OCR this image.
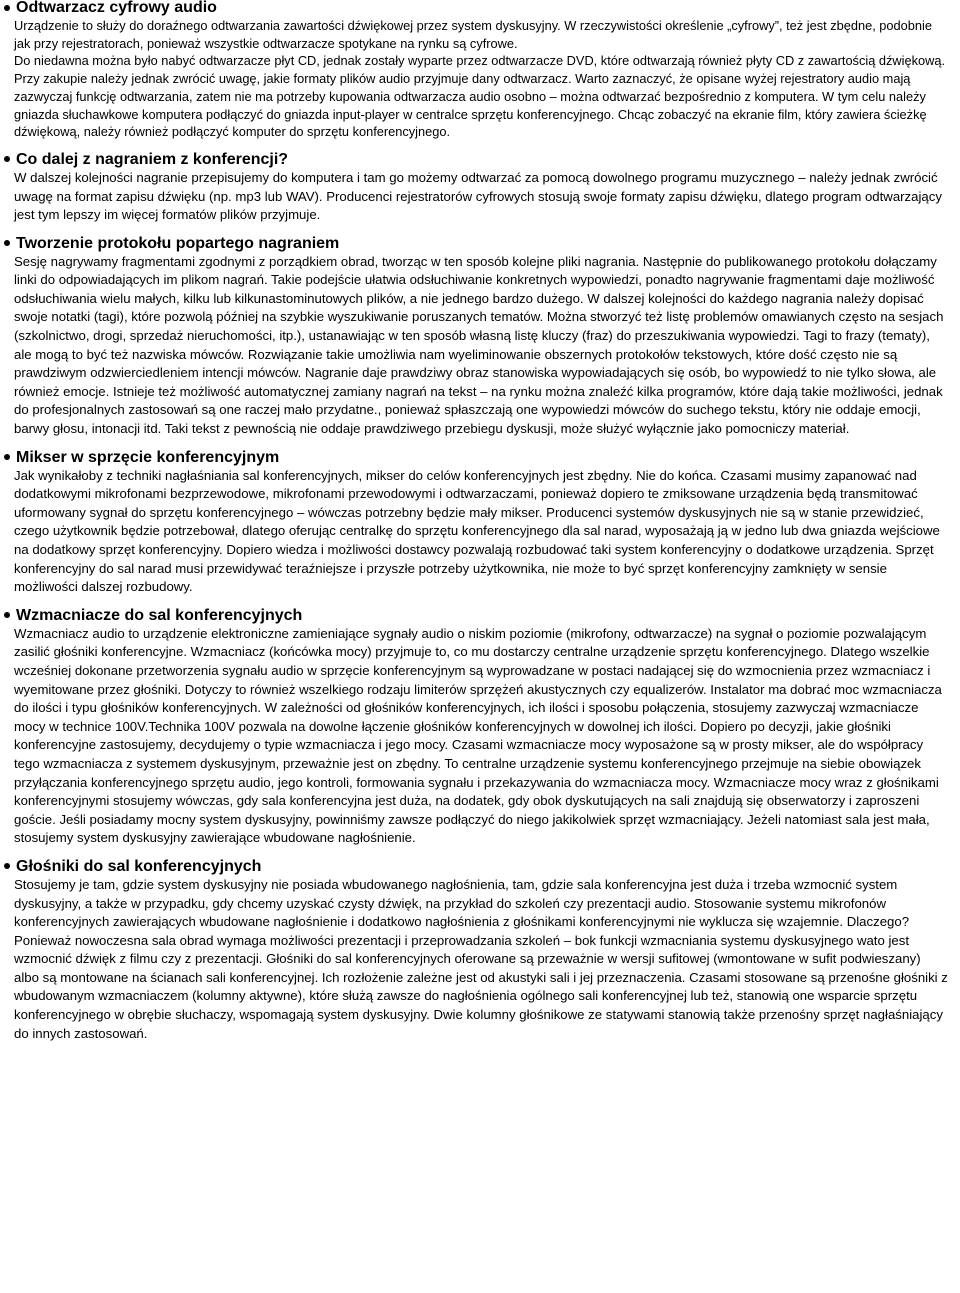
Odtwarzacz cyfrowy audio

Urządzenie to służy do doraźnego odtwarzania zawartości dźwiękowej przez system dyskusyjny. W rzeczywistości określenie „cyfrowy”, też jest zbędne, podobnie jak przy rejestratorach, ponieważ wszystkie odtwarzacze spotykane na rynku są cyfrowe.

Do niedawna można było nabyć odtwarzacze płyt CD, jednak zostały wyparte przez odtwarzacze DVD, które odtwarzają również płyty CD z zawartością dźwiękową. Przy zakupie należy jednak zwrócić uwagę, jakie formaty plików audio przyjmuje dany odtwarzacz. Warto zaznaczyć, że opisane wyżej rejestratory audio mają zazwyczaj funkcję odtwarzania, zatem nie ma potrzeby kupowania odtwarzacza audio osobno – można odtwarzać bezpośrednio z komputera. W tym celu należy gniazda słuchawkowe komputera podłączyć do gniazda input-player w centralce sprzętu konferencyjnego. Chcąc zobaczyć na ekranie film, który zawiera ścieżkę dźwiękową, należy również podłączyć komputer do sprzętu konferencyjnego.

Co dalej z nagraniem z konferencji?

W dalszej kolejności nagranie przepisujemy do komputera i tam go możemy odtwarzać za pomocą dowolnego programu muzycznego – należy jednak zwrócić uwagę na format zapisu dźwięku (np. mp3 lub WAV). Producenci rejestratorów cyfrowych stosują swoje formaty zapisu dźwięku, dlatego program odtwarzający jest tym lepszy im więcej formatów plików przyjmuje.

Tworzenie protokołu popartego nagraniem

Sesję nagrywamy fragmentami zgodnymi z porządkiem obrad, tworząc w ten sposób kolejne pliki nagrania. Następnie do publikowanego protokołu dołączamy linki do odpowiadających im plikom nagrań. Takie podejście ułatwia odsłuchiwanie konkretnych wypowiedzi, ponadto nagrywanie fragmentami daje możliwość odsłuchiwania wielu małych, kilku lub kilkunastominutowych plików, a nie jednego bardzo dużego. W dalszej kolejności do każdego nagrania należy dopisać swoje notatki (tagi), które pozwolą później na szybkie wyszukiwanie poruszanych tematów. Można stworzyć też listę problemów omawianych często na sesjach (szkolnictwo, drogi, sprzedaż nieruchomości, itp.), ustanawiając w ten sposób własną listę kluczy (fraz) do przeszukiwania wypowiedzi. Tagi to frazy (tematy), ale mogą to być też nazwiska mówców. Rozwiązanie takie umożliwia nam wyeliminowanie obszernych protokołów tekstowych, które dość często nie są prawdziwym odzwierciedleniem intencji mówców. Nagranie daje prawdziwy obraz stanowiska wypowiadających się osób, bo wypowiedź to nie tylko słowa, ale również emocje. Istnieje też możliwość automatycznej zamiany nagrań na tekst – na rynku można znaleźć kilka programów, które dają takie możliwości, jednak do profesjonalnych zastosowań są one raczej mało przydatne., ponieważ spłaszczają one wypowiedzi mówców do suchego tekstu, który nie oddaje emocji, barwy głosu, intonacji itd. Taki tekst z pewnością nie oddaje prawdziwego przebiegu dyskusji, może służyć wyłącznie jako pomocniczy materiał.

Mikser w sprzęcie konferencyjnym

Jak wynikałoby z techniki nagłaśniania sal konferencyjnych, mikser do celów konferencyjnych jest zbędny. Nie do końca. Czasami musimy zapanować nad dodatkowymi mikrofonami bezprzewodowe, mikrofonami przewodowymi i odtwarzaczami, ponieważ dopiero te zmiksowane urządzenia będą transmitować uformowany sygnał do sprzętu konferencyjnego – wówczas potrzebny będzie mały mikser. Producenci systemów dyskusyjnych nie są w stanie przewidzieć, czego użytkownik będzie potrzebował, dlatego oferując centralkę do sprzętu konferencyjnego dla sal narad, wyposażają ją w jedno lub dwa gniazda wejściowe na dodatkowy sprzęt konferencyjny. Dopiero wiedza i możliwości dostawcy pozwalają rozbudować taki system konferencyjny o dodatkowe urządzenia. Sprzęt konferencyjny do sal narad musi przewidywać teraźniejsze i przyszłe potrzeby użytkownika, nie może to być sprzęt konferencyjny zamknięty w sensie możliwości dalszej rozbudowy.

Wzmacniacze do sal konferencyjnych

Wzmacniacz audio to urządzenie elektroniczne zamieniające sygnały audio o niskim poziomie (mikrofony, odtwarzacze) na sygnał o poziomie pozwalającym zasilić głośniki konferencyjne. Wzmacniacz (końcówka mocy) przyjmuje to, co mu dostarczy centralne urządzenie sprzętu konferencyjnego. Dlatego wszelkie wcześniej dokonane przetworzenia sygnału audio w sprzęcie konferencyjnym są wyprowadzane w postaci nadającej się do wzmocnienia przez wzmacniacz i wyemitowane przez głośniki. Dotyczy to również wszelkiego rodzaju limiterów sprzężeń akustycznych czy equalizerów. Instalator ma dobrać moc wzmacniacza do ilości i typu głośników konferencyjnych. W zależności od głośników konferencyjnych, ich ilości i sposobu połączenia, stosujemy zazwyczaj wzmacniacze mocy w technice 100V.Technika 100V pozwala na dowolne łączenie głośników konferencyjnych w dowolnej ich ilości. Dopiero po decyzji, jakie głośniki konferencyjne zastosujemy, decydujemy o typie wzmacniacza i jego mocy. Czasami wzmacniacze mocy wyposażone są w prosty mikser, ale do współpracy tego wzmacniacza z systemem dyskusyjnym, przeważnie jest on zbędny. To centralne urządzenie systemu konferencyjnego przejmuje na siebie obowiązek przyłączania konferencyjnego sprzętu audio, jego kontroli, formowania sygnału i przekazywania do wzmacniacza mocy. Wzmacniacze mocy wraz z głośnikami konferencyjnymi stosujemy wówczas, gdy sala konferencyjna jest duża, na dodatek, gdy obok dyskutujących na sali znajdują się obserwatorzy i zaproszeni goście. Jeśli posiadamy mocny system dyskusyjny, powinniśmy zawsze podłączyć do niego jakikolwiek sprzęt wzmacniający. Jeżeli natomiast sala jest mała, stosujemy system dyskusyjny zawierające wbudowane nagłośnienie.

Głośniki do sal konferencyjnych

Stosujemy je tam, gdzie system dyskusyjny nie posiada wbudowanego nagłośnienia, tam, gdzie sala konferencyjna jest duża i trzeba wzmocnić system dyskusyjny, a także w przypadku, gdy chcemy uzyskać czysty dźwięk, na przykład do szkoleń czy prezentacji audio. Stosowanie systemu mikrofonów konferencyjnych zawierających wbudowane nagłośnienie i dodatkowo nagłośnienia z głośnikami konferencyjnymi nie wyklucza się wzajemnie. Dlaczego? Ponieważ nowoczesna sala obrad wymaga możliwości prezentacji i przeprowadzania szkoleń – bok funkcji wzmacniania systemu dyskusyjnego wato jest wzmocnić dźwięk z filmu czy z prezentacji. Głośniki do sal konferencyjnych oferowane są przeważnie w wersji sufitowej (wmontowane w sufit podwieszany) albo są montowane na ścianach sali konferencyjnej. Ich rozłożenie zależne jest od akustyki sali i jej przeznaczenia. Czasami stosowane są przenośne głośniki z wbudowanym wzmacniaczem (kolumny aktywne), które służą zawsze do nagłośnienia ogólnego sali konferencyjnej lub też, stanowią one wsparcie sprzętu konferencyjnego w obrębie słuchaczy, wspomagają system dyskusyjny. Dwie kolumny głośnikowe ze statywami stanowią także przenośny sprzęt nagłaśniający do innych zastosowań.
